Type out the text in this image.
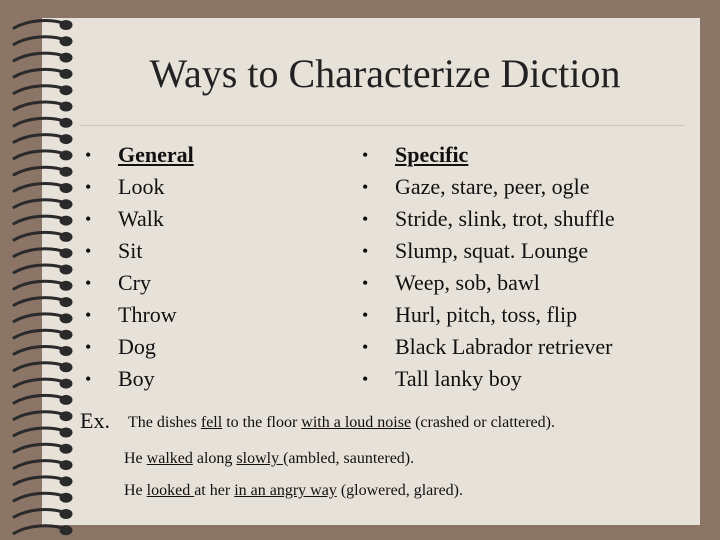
Ways to Characterize Diction
• General
• Look
• Walk
• Sit
• Cry
• Throw
• Dog
• Boy
• Specific
• Gaze, stare, peer, ogle
• Stride, slink, trot, shuffle
• Slump, squat. Lounge
• Weep, sob, bawl
• Hurl, pitch, toss, flip
• Black Labrador retriever
• Tall lanky boy
Ex. The dishes fell to the floor with a loud noise (crashed or clattered).
He walked along slowly (ambled, sauntered).
He looked at her in an angry way (glowered, glared).
